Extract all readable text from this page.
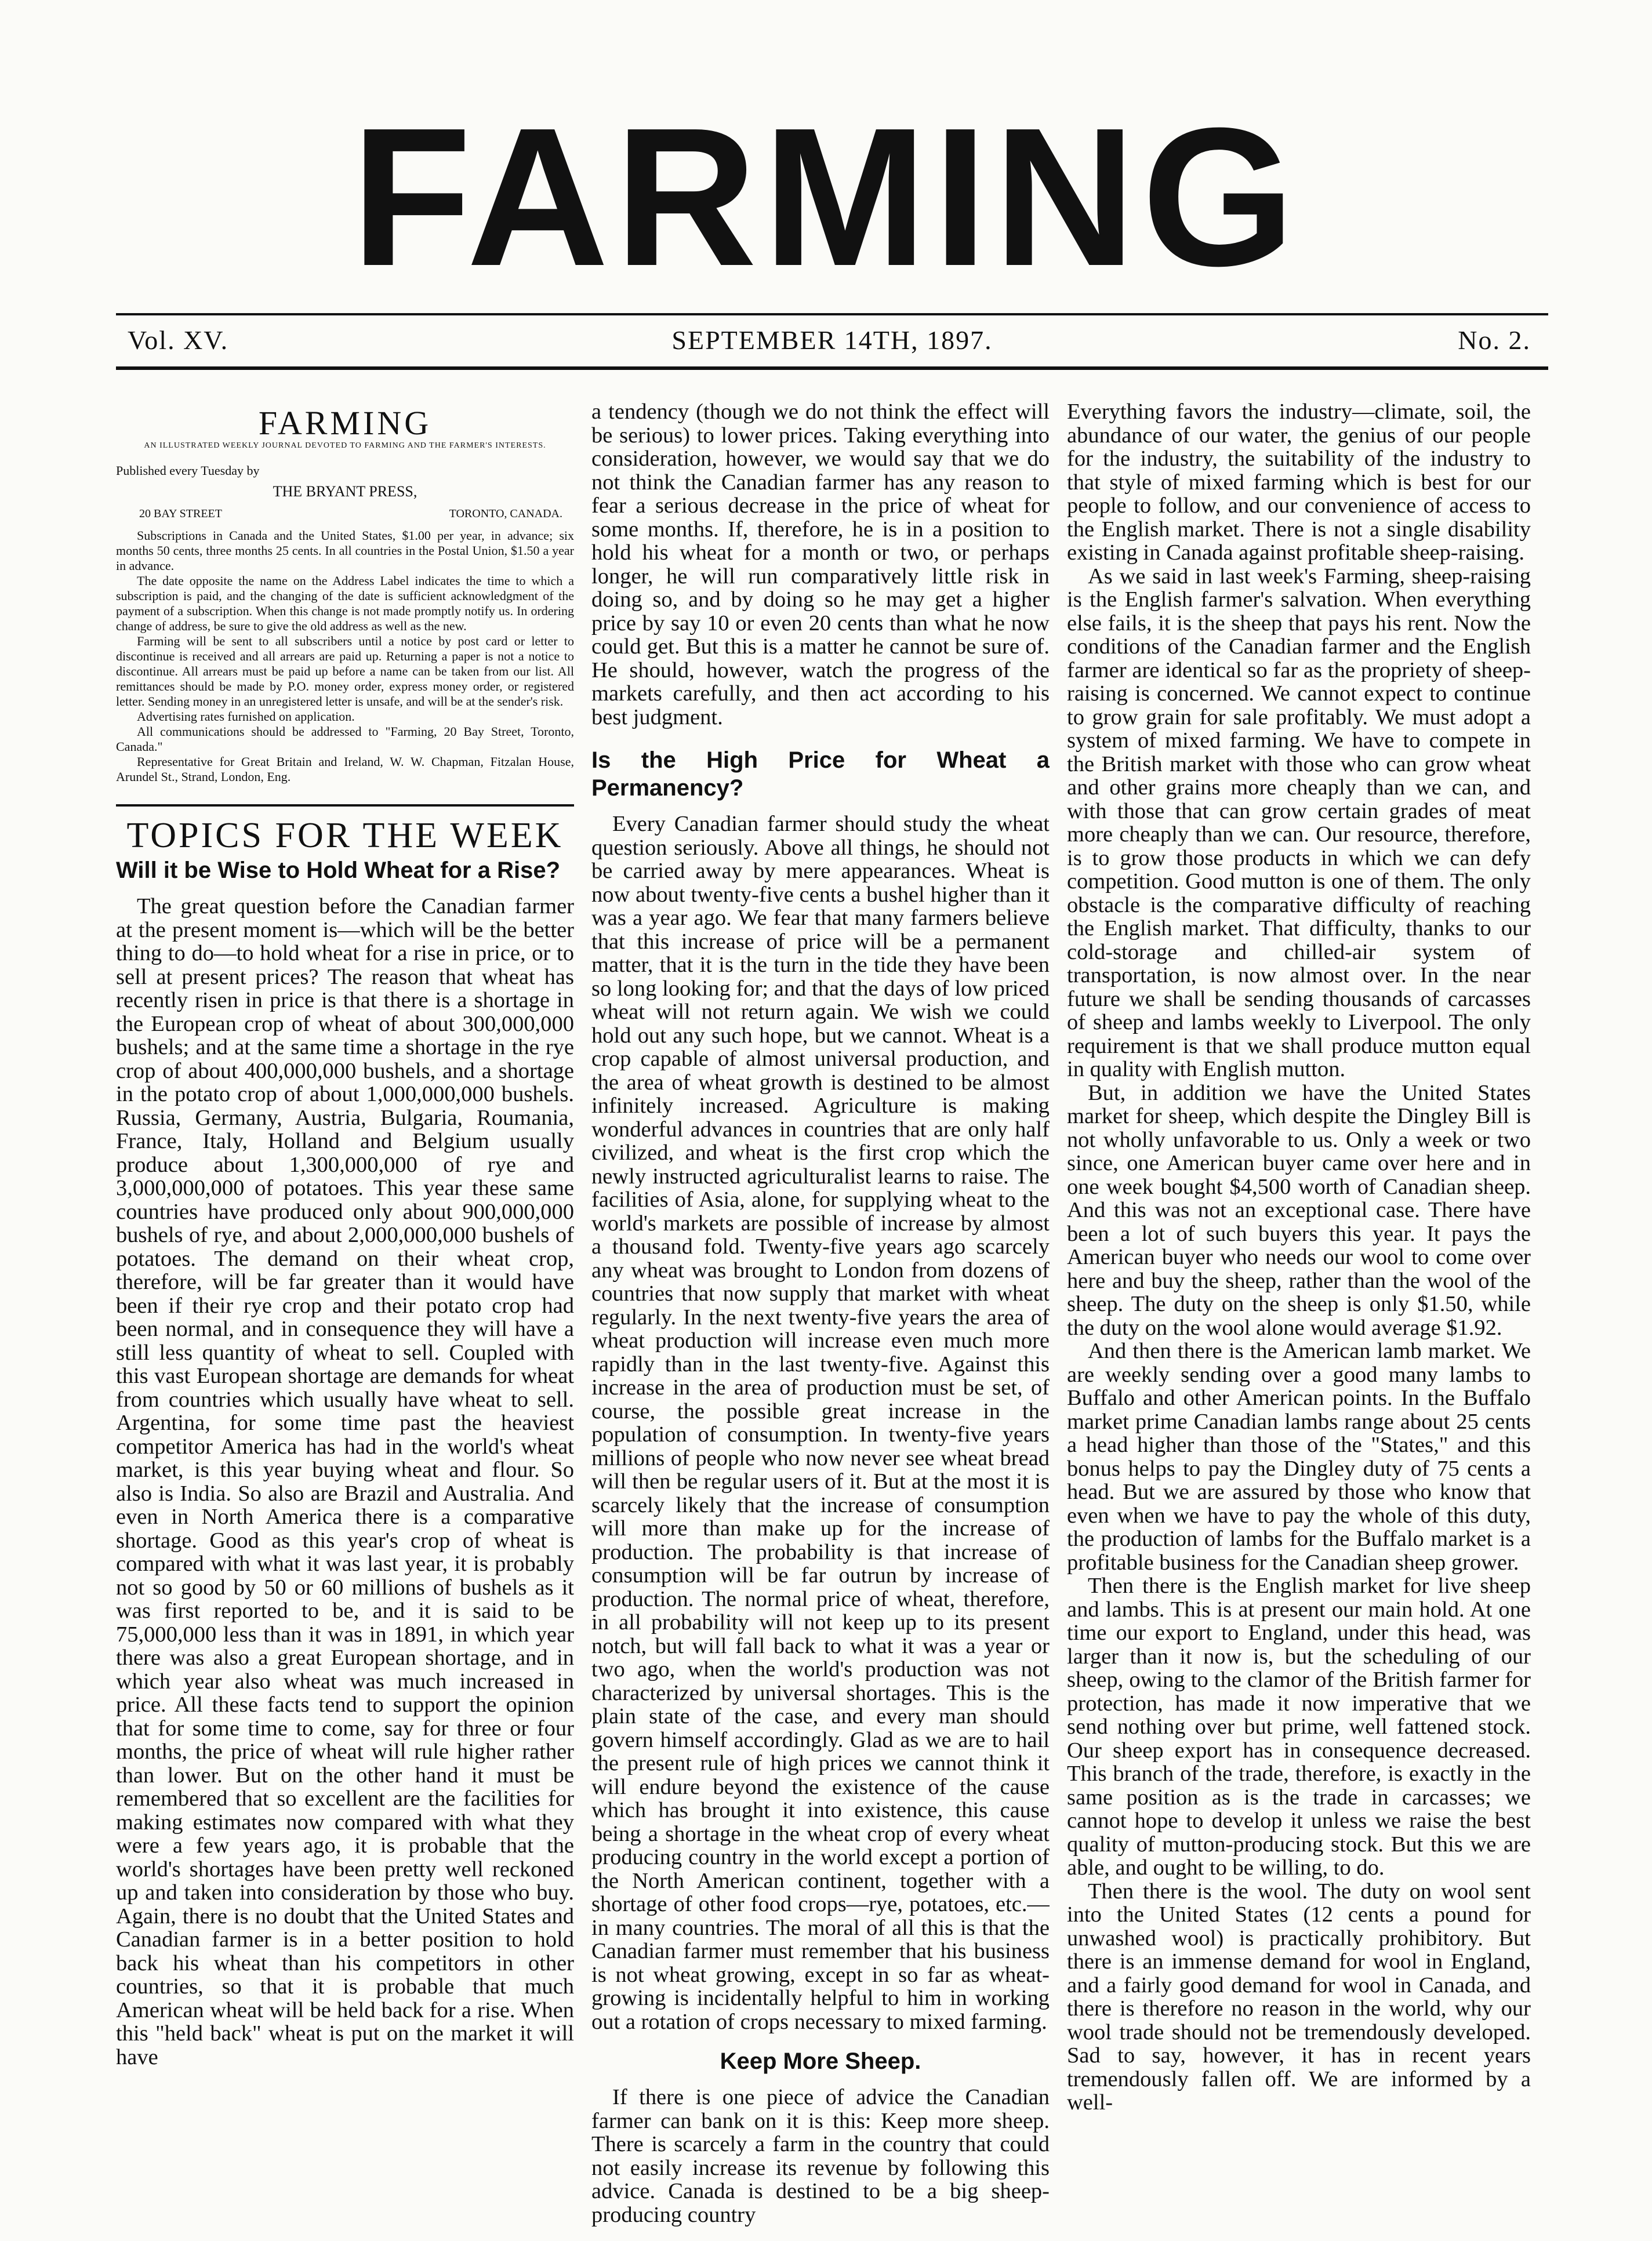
FARMING
Vol. XV.	SEPTEMBER 14TH, 1897.	No. 2.
FARMING
AN ILLUSTRATED WEEKLY JOURNAL DEVOTED TO FARMING AND THE FARMER'S INTERESTS.

Published every Tuesday by

THE BRYANT PRESS,
20 BAY STREET	TORONTO, CANADA.

Subscriptions in Canada and the United States, $1.00 per year, in advance; six months 50 cents, three months 25 cents. In all countries in the Postal Union, $1.50 a year in advance.

The date opposite the name on the Address Label indicates the time to which a subscription is paid, and the changing of the date is sufficient acknowledgment of the payment of a subscription. When this change is not made promptly notify us. In ordering change of address, be sure to give the old address as well as the new.

Farming will be sent to all subscribers until a notice by post card or letter to discontinue is received and all arrears are paid up. Returning a paper is not a notice to discontinue. All arrears must be paid up before a name can be taken from our list. All remittances should be made by P.O. money order, express money order, or registered letter. Sending money in an unregistered letter is unsafe, and will be at the sender's risk.

Advertising rates furnished on application.

All communications should be addressed to "Farming, 20 Bay Street, Toronto, Canada."

Representative for Great Britain and Ireland, W. W. Chapman, Fitzalan House, Arundel St., Strand, London, Eng.

TOPICS FOR THE WEEK
Will it be Wise to Hold Wheat for a Rise?

The great question before the Canadian farmer at the present moment is—which will be the better thing to do—to hold wheat for a rise in price, or to sell at present prices? The reason that wheat has recently risen in price is that there is a shortage in the European crop of wheat of about 300,000,000 bushels; and at the same time a shortage in the rye crop of about 400,000,000 bushels, and a shortage in the potato crop of about 1,000,000,000 bushels. Russia, Germany, Austria, Bulgaria, Roumania, France, Italy, Holland and Belgium usually produce about 1,300,000,000 of rye and 3,000,000,000 of potatoes. This year these same countries have produced only about 900,000,000 bushels of rye, and about 2,000,000,000 bushels of potatoes. The demand on their wheat crop, therefore, will be far greater than it would have been if their rye crop and their potato crop had been normal, and in consequence they will have a still less quantity of wheat to sell. Coupled with this vast European shortage are demands for wheat from countries which usually have wheat to sell. Argentina, for some time past the heaviest competitor America has had in the world's wheat market, is this year buying wheat and flour. So also is India. So also are Brazil and Australia. And even in North America there is a comparative shortage. Good as this year's crop of wheat is compared with what it was last year, it is probably not so good by 50 or 60 millions of bushels as it was first reported to be, and it is said to be 75,000,000 less than it was in 1891, in which year there was also a great European shortage, and in which year also wheat was much increased in price. All these facts tend to support the opinion that for some time to come, say for three or four months, the price of wheat will rule higher rather than lower. But on the other hand it must be remembered that so excellent are the facilities for making estimates now compared with what they were a few years ago, it is probable that the world's shortages have been pretty well reckoned up and taken into consideration by those who buy. Again, there is no doubt that the United States and Canadian farmer is in a better position to hold back his wheat than his competitors in other countries, so that it is probable that much American wheat will be held back for a rise. When this "held back" wheat is put on the market it will have

a tendency (though we do not think the effect will be serious) to lower prices. Taking everything into consideration, however, we would say that we do not think the Canadian farmer has any reason to fear a serious decrease in the price of wheat for some months. If, therefore, he is in a position to hold his wheat for a month or two, or perhaps longer, he will run comparatively little risk in doing so, and by doing so he may get a higher price by say 10 or even 20 cents than what he now could get. But this is a matter he cannot be sure of. He should, however, watch the progress of the markets carefully, and then act according to his best judgment.

Is the High Price for Wheat a Permanency?

Every Canadian farmer should study the wheat question seriously. Above all things, he should not be carried away by mere appearances. Wheat is now about twenty-five cents a bushel higher than it was a year ago. We fear that many farmers believe that this increase of price will be a permanent matter, that it is the turn in the tide they have been so long looking for; and that the days of low priced wheat will not return again. We wish we could hold out any such hope, but we cannot. Wheat is a crop capable of almost universal production, and the area of wheat growth is destined to be almost infinitely increased. Agriculture is making wonderful advances in countries that are only half civilized, and wheat is the first crop which the newly instructed agriculturalist learns to raise. The facilities of Asia, alone, for supplying wheat to the world's markets are possible of increase by almost a thousand fold. Twenty-five years ago scarcely any wheat was brought to London from dozens of countries that now supply that market with wheat regularly. In the next twenty-five years the area of wheat production will increase even much more rapidly than in the last twenty-five. Against this increase in the area of production must be set, of course, the possible great increase in the population of consumption. In twenty-five years millions of people who now never see wheat bread will then be regular users of it. But at the most it is scarcely likely that the increase of consumption will more than make up for the increase of production. The probability is that increase of consumption will be far outrun by increase of production. The normal price of wheat, therefore, in all probability will not keep up to its present notch, but will fall back to what it was a year or two ago, when the world's production was not characterized by universal shortages. This is the plain state of the case, and every man should govern himself accordingly. Glad as we are to hail the present rule of high prices we cannot think it will endure beyond the existence of the cause which has brought it into existence, this cause being a shortage in the wheat crop of every wheat producing country in the world except a portion of the North American continent, together with a shortage of other food crops—rye, potatoes, etc.—in many countries. The moral of all this is that the Canadian farmer must remember that his business is not wheat growing, except in so far as wheat-growing is incidentally helpful to him in working out a rotation of crops necessary to mixed farming.

Keep More Sheep.

If there is one piece of advice the Canadian farmer can bank on it is this: Keep more sheep. There is scarcely a farm in the country that could not easily increase its revenue by following this advice. Canada is destined to be a big sheep-producing country

Everything favors the industry—climate, soil, the abundance of our water, the genius of our people for the industry, the suitability of the industry to that style of mixed farming which is best for our people to follow, and our convenience of access to the English market. There is not a single disability existing in Canada against profitable sheep-raising.

As we said in last week's Farming, sheep-raising is the English farmer's salvation. When everything else fails, it is the sheep that pays his rent. Now the conditions of the Canadian farmer and the English farmer are identical so far as the propriety of sheep-raising is concerned. We cannot expect to continue to grow grain for sale profitably. We must adopt a system of mixed farming. We have to compete in the British market with those who can grow wheat and other grains more cheaply than we can, and with those that can grow certain grades of meat more cheaply than we can. Our resource, therefore, is to grow those products in which we can defy competition. Good mutton is one of them. The only obstacle is the comparative difficulty of reaching the English market. That difficulty, thanks to our cold-storage and chilled-air system of transportation, is now almost over. In the near future we shall be sending thousands of carcasses of sheep and lambs weekly to Liverpool. The only requirement is that we shall produce mutton equal in quality with English mutton.

But, in addition we have the United States market for sheep, which despite the Dingley Bill is not wholly unfavorable to us. Only a week or two since, one American buyer came over here and in one week bought $4,500 worth of Canadian sheep. And this was not an exceptional case. There have been a lot of such buyers this year. It pays the American buyer who needs our wool to come over here and buy the sheep, rather than the wool of the sheep. The duty on the sheep is only $1.50, while the duty on the wool alone would average $1.92.

And then there is the American lamb market. We are weekly sending over a good many lambs to Buffalo and other American points. In the Buffalo market prime Canadian lambs range about 25 cents a head higher than those of the "States," and this bonus helps to pay the Dingley duty of 75 cents a head. But we are assured by those who know that even when we have to pay the whole of this duty, the production of lambs for the Buffalo market is a profitable business for the Canadian sheep grower.

Then there is the English market for live sheep and lambs. This is at present our main hold. At one time our export to England, under this head, was larger than it now is, but the scheduling of our sheep, owing to the clamor of the British farmer for protection, has made it now imperative that we send nothing over but prime, well fattened stock. Our sheep export has in consequence decreased. This branch of the trade, therefore, is exactly in the same position as is the trade in carcasses; we cannot hope to develop it unless we raise the best quality of mutton-producing stock. But this we are able, and ought to be willing, to do.

Then there is the wool. The duty on wool sent into the United States (12 cents a pound for unwashed wool) is practically prohibitory. But there is an immense demand for wool in England, and a fairly good demand for wool in Canada, and there is therefore no reason in the world, why our wool trade should not be tremendously developed. Sad to say, however, it has in recent years tremendously fallen off. We are informed by a well-
